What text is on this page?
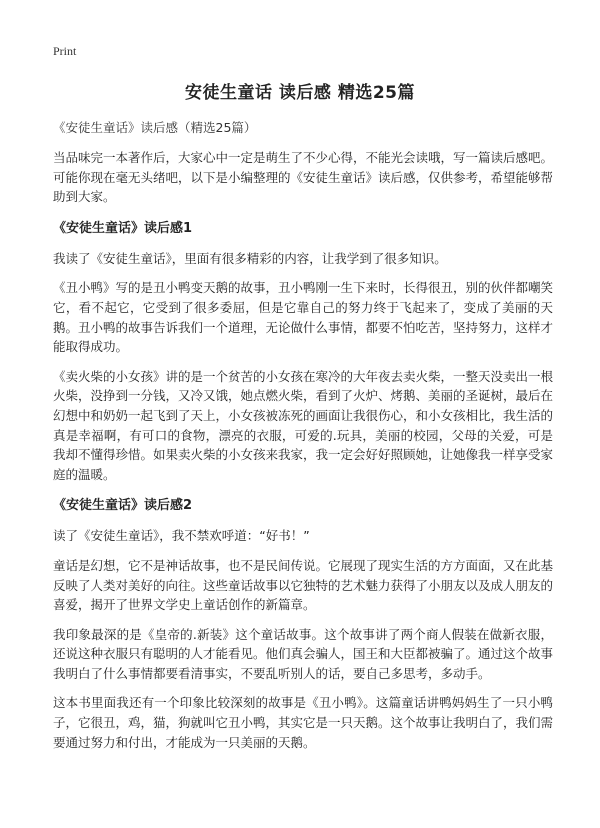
Print
安徒生童话 读后感 精选25篇

《安徒生童话》读后感（精选25篇）

当品味完一本著作后，大家心中一定是萌生了不少心得，不能光会读哦，写一篇读后感吧。可能你现在毫无头绪吧，以下是小编整理的《安徒生童话》读后感，仅供参考，希望能够帮助到大家。

《安徒生童话》读后感1

我读了《安徒生童话》，里面有很多精彩的内容，让我学到了很多知识。

《丑小鸭》写的是丑小鸭变天鹅的故事，丑小鸭刚一生下来时，长得很丑，别的伙伴都嘲笑它，看不起它，它受到了很多委屈，但是它靠自己的努力终于飞起来了，变成了美丽的天鹅。丑小鸭的故事告诉我们一个道理，无论做什么事情，都要不怕吃苦，坚持努力，这样才能取得成功。

《卖火柴的小女孩》讲的是一个贫苦的小女孩在寒冷的大年夜去卖火柴，一整天没卖出一根火柴，没挣到一分钱，又冷又饿，她点燃火柴，看到了火炉、烤鹅、美丽的圣诞树，最后在幻想中和奶奶一起飞到了天上，小女孩被冻死的画面让我很伤心，和小女孩相比，我生活的真是幸福啊，有可口的食物，漂亮的衣服，可爱的.玩具，美丽的校园，父母的关爱，可是我却不懂得珍惜。如果卖火柴的小女孩来我家，我一定会好好照顾她，让她像我一样享受家庭的温暖。

《安徒生童话》读后感2

读了《安徒生童话》，我不禁欢呼道：“好书！”

童话是幻想，它不是神话故事，也不是民间传说。它展现了现实生活的方方面面，又在此基反映了人类对美好的向往。这些童话故事以它独特的艺术魅力获得了小朋友以及成人朋友的喜爱，揭开了世界文学史上童话创作的新篇章。

我印象最深的是《皇帝的.新装》这个童话故事。这个故事讲了两个商人假装在做新衣服，还说这种衣服只有聪明的人才能看见。他们真会骗人，国王和大臣都被骗了。通过这个故事我明白了什么事情都要看清事实，不要乱听别人的话，要自己多思考，多动手。

这本书里面我还有一个印象比较深刻的故事是《丑小鸭》。这篇童话讲鸭妈妈生了一只小鸭子，它很丑，鸡，猫，狗就叫它丑小鸭，其实它是一只天鹅。这个故事让我明白了，我们需要通过努力和付出，才能成为一只美丽的天鹅。
